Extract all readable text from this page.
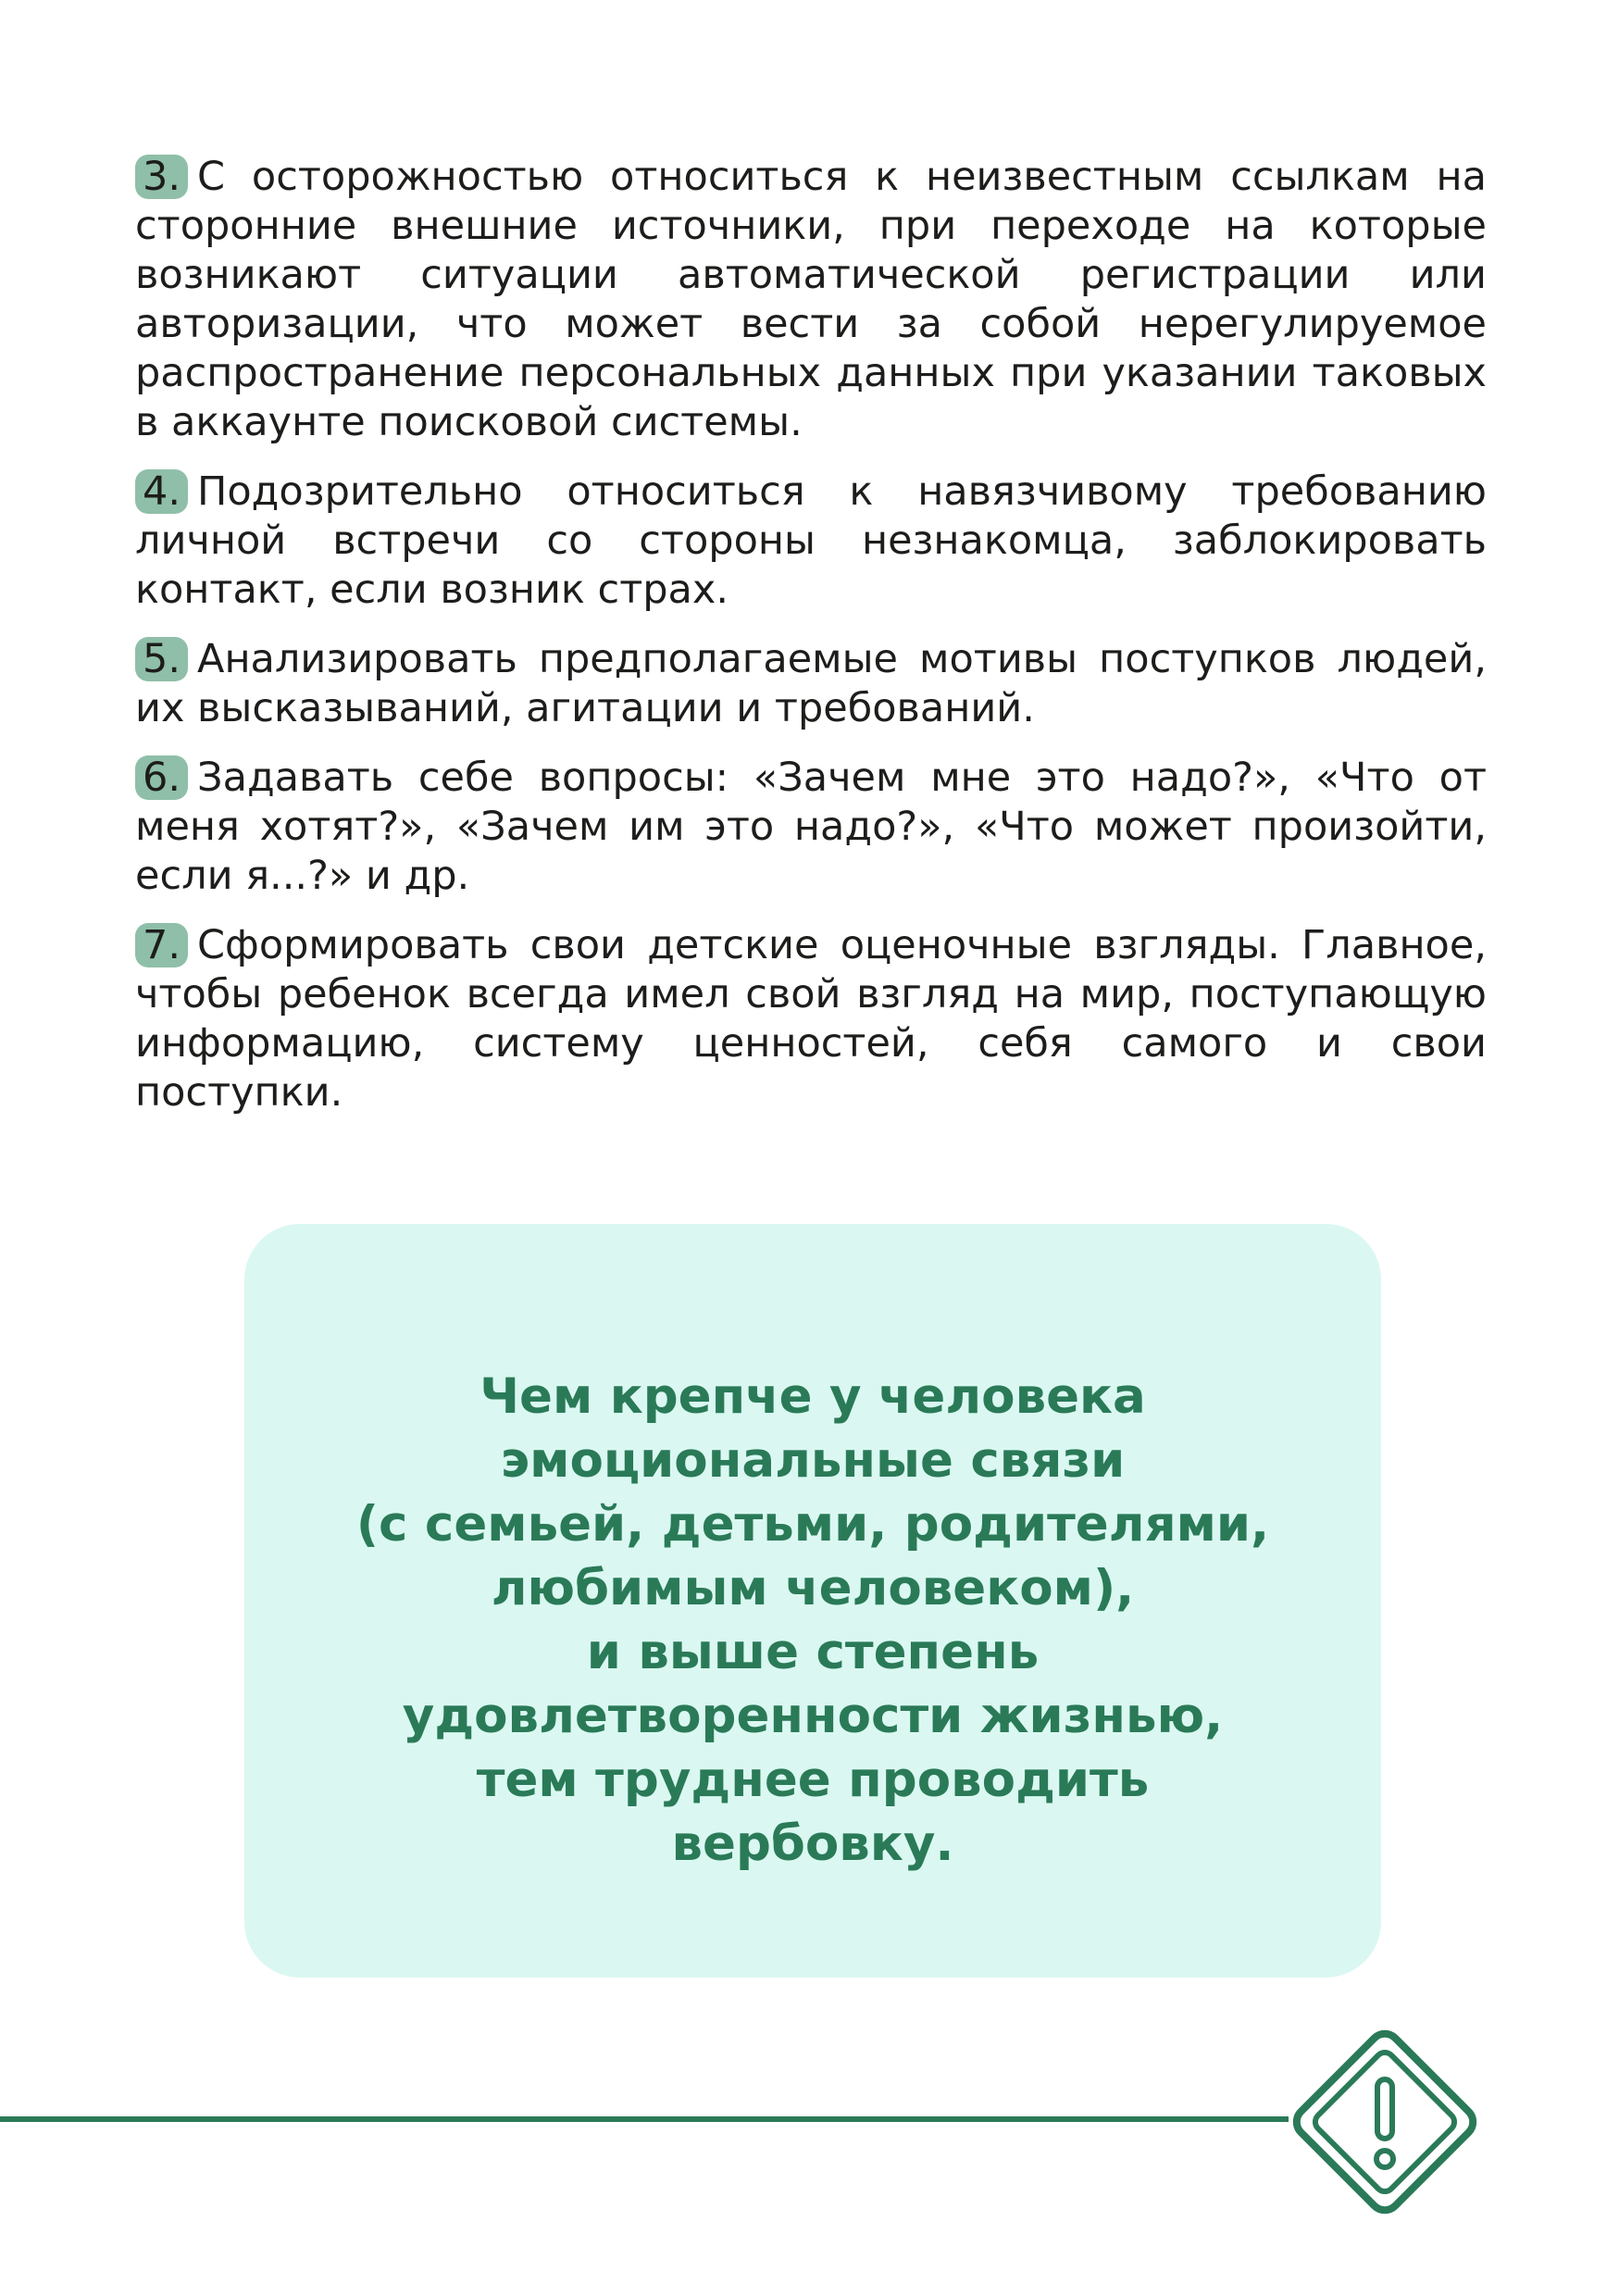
3. С осторожностью относиться к неизвестным ссылкам на сторонние внешние источники, при переходе на которые возникают ситуации автоматической регистрации или авторизации, что может вести за собой нерегулируемое распространение персональных данных при указании таковых в аккаунте поисковой системы.
4. Подозрительно относиться к навязчивому требованию личной встречи со стороны незнакомца, заблокировать контакт, если возник страх.
5. Анализировать предполагаемые мотивы поступков людей, их высказываний, агитации и требований.
6. Задавать себе вопросы: «Зачем мне это надо?», «Что от меня хотят?», «Зачем им это надо?», «Что может произойти, если я...?» и др.
7. Сформировать свои детские оценочные взгляды. Главное, чтобы ребенок всегда имел свой взгляд на мир, поступающую информацию, систему ценностей, себя самого и свои поступки.
Чем крепче у человека
эмоциональные связи
(с семьей, детьми, родителями,
любимым человеком),
и выше степень
удовлетворенности жизнью,
тем труднее проводить
вербовку.
